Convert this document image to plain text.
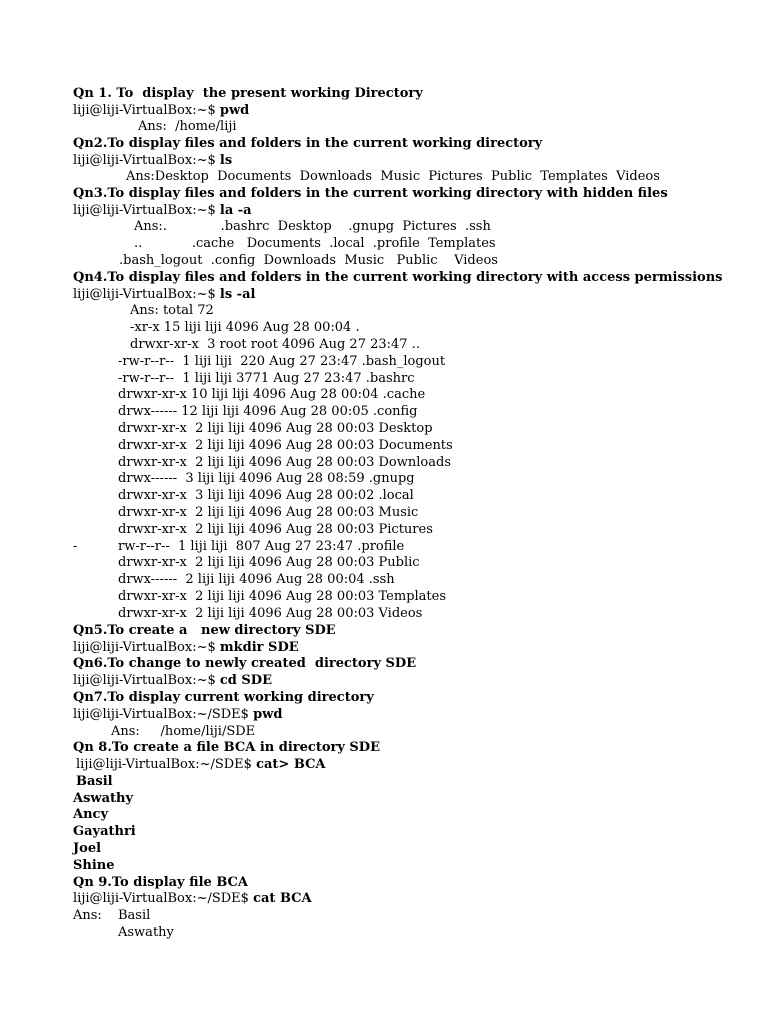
Qn 1. To  display  the present working Directory
liji@liji-VirtualBox:~$ pwd
Ans:  /home/liji
Qn2.To display files and folders in the current working directory
liji@liji-VirtualBox:~$ ls
Ans:Desktop  Documents  Downloads  Music  Pictures  Public  Templates  Videos
Qn3.To display files and folders in the current working directory with hidden files
liji@liji-VirtualBox:~$ la -a
Ans:.             .bashrc  Desktop    .gnupg  Pictures  .ssh
..            .cache   Documents  .local  .profile  Templates
.bash_logout  .config  Downloads  Music   Public    Videos
Qn4.To display files and folders in the current working directory with access permissions
liji@liji-VirtualBox:~$ ls -al
Ans: total 72
-xr-x 15 liji liji 4096 Aug 28 00:04 .
drwxr-xr-x  3 root root 4096 Aug 27 23:47 ..
-rw-r--r--  1 liji liji  220 Aug 27 23:47 .bash_logout
-rw-r--r--  1 liji liji 3771 Aug 27 23:47 .bashrc
drwxr-xr-x 10 liji liji 4096 Aug 28 00:04 .cache
drwx------ 12 liji liji 4096 Aug 28 00:05 .config
drwxr-xr-x  2 liji liji 4096 Aug 28 00:03 Desktop
drwxr-xr-x  2 liji liji 4096 Aug 28 00:03 Documents
drwxr-xr-x  2 liji liji 4096 Aug 28 00:03 Downloads
drwx------  3 liji liji 4096 Aug 28 08:59 .gnupg
drwxr-xr-x  3 liji liji 4096 Aug 28 00:02 .local
drwxr-xr-x  2 liji liji 4096 Aug 28 00:03 Music
drwxr-xr-x  2 liji liji 4096 Aug 28 00:03 Pictures
-	rw-r--r--  1 liji liji  807 Aug 27 23:47 .profile
drwxr-xr-x  2 liji liji 4096 Aug 28 00:03 Public
drwx------  2 liji liji 4096 Aug 28 00:04 .ssh
drwxr-xr-x  2 liji liji 4096 Aug 28 00:03 Templates
drwxr-xr-x  2 liji liji 4096 Aug 28 00:03 Videos
Qn5.To create a   new directory SDE
liji@liji-VirtualBox:~$ mkdir SDE
Qn6.To change to newly created  directory SDE
liji@liji-VirtualBox:~$ cd SDE
Qn7.To display current working directory
liji@liji-VirtualBox:~/SDE$ pwd
Ans:     /home/liji/SDE
Qn 8.To create a file BCA in directory SDE
liji@liji-VirtualBox:~/SDE$ cat> BCA
Basil
Aswathy
Ancy
Gayathri
Joel
Shine
Qn 9.To display file BCA
liji@liji-VirtualBox:~/SDE$ cat BCA
Ans: Basil
Aswathy
